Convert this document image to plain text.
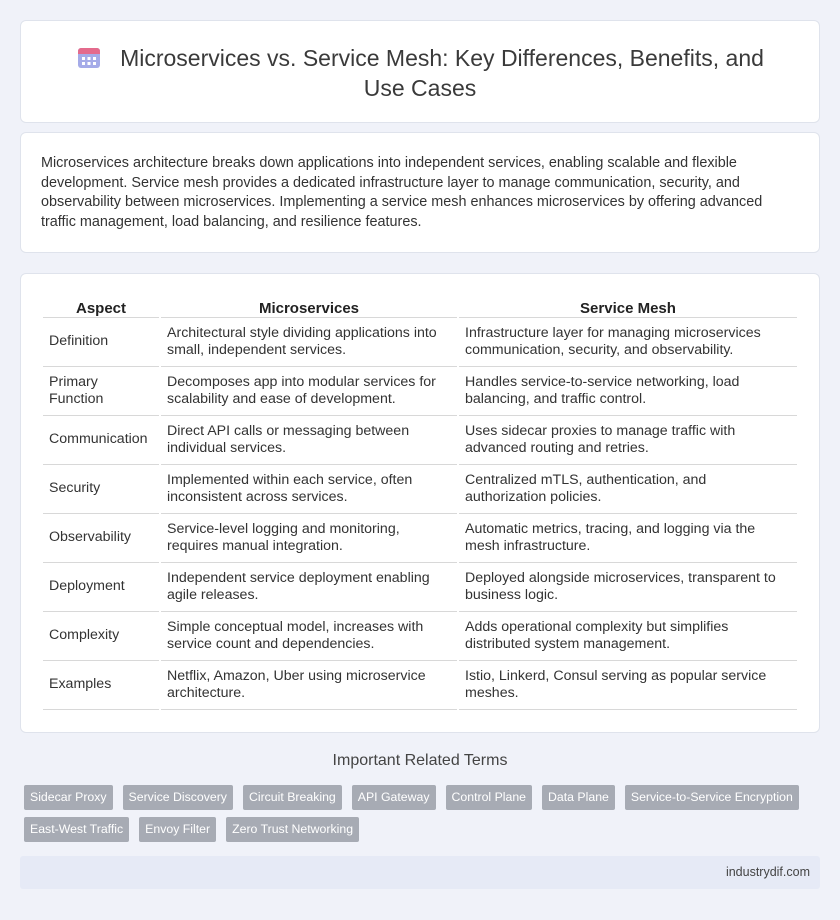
Microservices vs. Service Mesh: Key Differences, Benefits, and Use Cases

Microservices architecture breaks down applications into independent services, enabling scalable and flexible development. Service mesh provides a dedicated infrastructure layer to manage communication, security, and observability between microservices. Implementing a service mesh enhances microservices by offering advanced traffic management, load balancing, and resilience features.

Aspect	Microservices	Service Mesh
Definition	Architectural style dividing applications into small, independent services.	Infrastructure layer for managing microservices communication, security, and observability.
Primary Function	Decomposes app into modular services for scalability and ease of development.	Handles service-to-service networking, load balancing, and traffic control.
Communication	Direct API calls or messaging between individual services.	Uses sidecar proxies to manage traffic with advanced routing and retries.
Security	Implemented within each service, often inconsistent across services.	Centralized mTLS, authentication, and authorization policies.
Observability	Service-level logging and monitoring, requires manual integration.	Automatic metrics, tracing, and logging via the mesh infrastructure.
Deployment	Independent service deployment enabling agile releases.	Deployed alongside microservices, transparent to business logic.
Complexity	Simple conceptual model, increases with service count and dependencies.	Adds operational complexity but simplifies distributed system management.
Examples	Netflix, Amazon, Uber using microservice architecture.	Istio, Linkerd, Consul serving as popular service meshes.
Important Related Terms
Sidecar Proxy	Service Discovery	Circuit Breaking	API Gateway	Control Plane	Data Plane	Service-to-Service Encryption
East-West Traffic	Envoy Filter	Zero Trust Networking
industrydif.com
